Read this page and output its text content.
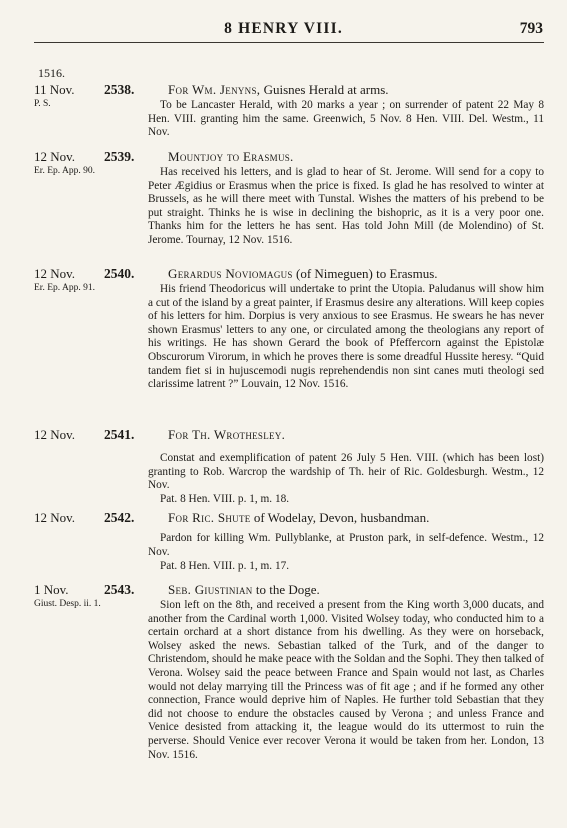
8 HENRY VIII.	793
1516.
11 Nov.
P. S.
2538.	For Wm. Jenyns, Guisnes Herald at arms.

To be Lancaster Herald, with 20 marks a year ; on surrender of patent 22 May 8 Hen. VIII. granting him the same. Greenwich, 5 Nov. 8 Hen. VIII. Del. Westm., 11 Nov.

12 Nov.
Er. Ep. App. 90.
2539.	Mountjoy to Erasmus.

Has received his letters, and is glad to hear of St. Jerome. Will send for a copy to Peter Ægidius or Erasmus when the price is fixed. Is glad he has resolved to winter at Brussels, as he will there meet with Tunstal. Wishes the matters of his prebend to be put straight. Thinks he is wise in declining the bishopric, as it is a very poor one. Thanks him for the letters he has sent. Has told John Mill (de Molendino) of St. Jerome. Tournay, 12 Nov. 1516.

12 Nov.
Er. Ep. App. 91.
2540.	Gerardus Noviomagus (of Nimeguen) to Erasmus.

His friend Theodoricus will undertake to print the Utopia. Paludanus will show him a cut of the island by a great painter, if Erasmus desire any alterations. Will keep copies of his letters for him. Dorpius is very anxious to see Erasmus. He swears he has never shown Erasmus' letters to any one, or circulated among the theologians any report of his writings. He has shown Gerard the book of Pfeffercorn against the Epistolæ Obscurorum Virorum, in which he proves there is some dreadful Hussite heresy. “Quid tandem fiet si in hujuscemodi nugis reprehendendis non sint canes muti theologi sed clarissime latrent ?” Louvain, 12 Nov. 1516.

12 Nov. 2541.	For Th. Wrothesley.

Constat and exemplification of patent 26 July 5 Hen. VIII. (which has been lost) granting to Rob. Warcrop the wardship of Th. heir of Ric. Goldesburgh. Westm., 12 Nov.

Pat. 8 Hen. VIII. p. 1, m. 18.
12 Nov. 2542.	For Ric. Shute of Wodelay, Devon, husbandman.

Pardon for killing Wm. Pullyblanke, at Pruston park, in self-defence. Westm., 12 Nov.

Pat. 8 Hen. VIII. p. 1, m. 17.
1 Nov.
Giust. Desp. ii. 1.
2543.	Seb. Giustinian to the Doge.

Sion left on the 8th, and received a present from the King worth 3,000 ducats, and another from the Cardinal worth 1,000. Visited Wolsey today, who conducted him to a certain orchard at a short distance from his dwelling. As they were on horseback, Wolsey asked the news. Sebastian talked of the Turk, and of the danger to Christendom, should he make peace with the Soldan and the Sophi. They then talked of Verona. Wolsey said the peace between France and Spain would not last, as Charles would not delay marrying till the Princess was of fit age ; and if he formed any other connection, France would deprive him of Naples. He further told Sebastian that they did not choose to endure the obstacles caused by Verona ; and unless France and Venice desisted from attacking it, the league would do its uttermost to ruin the perverse. Should Venice ever recover Verona it would be taken from her. London, 13 Nov. 1516.
